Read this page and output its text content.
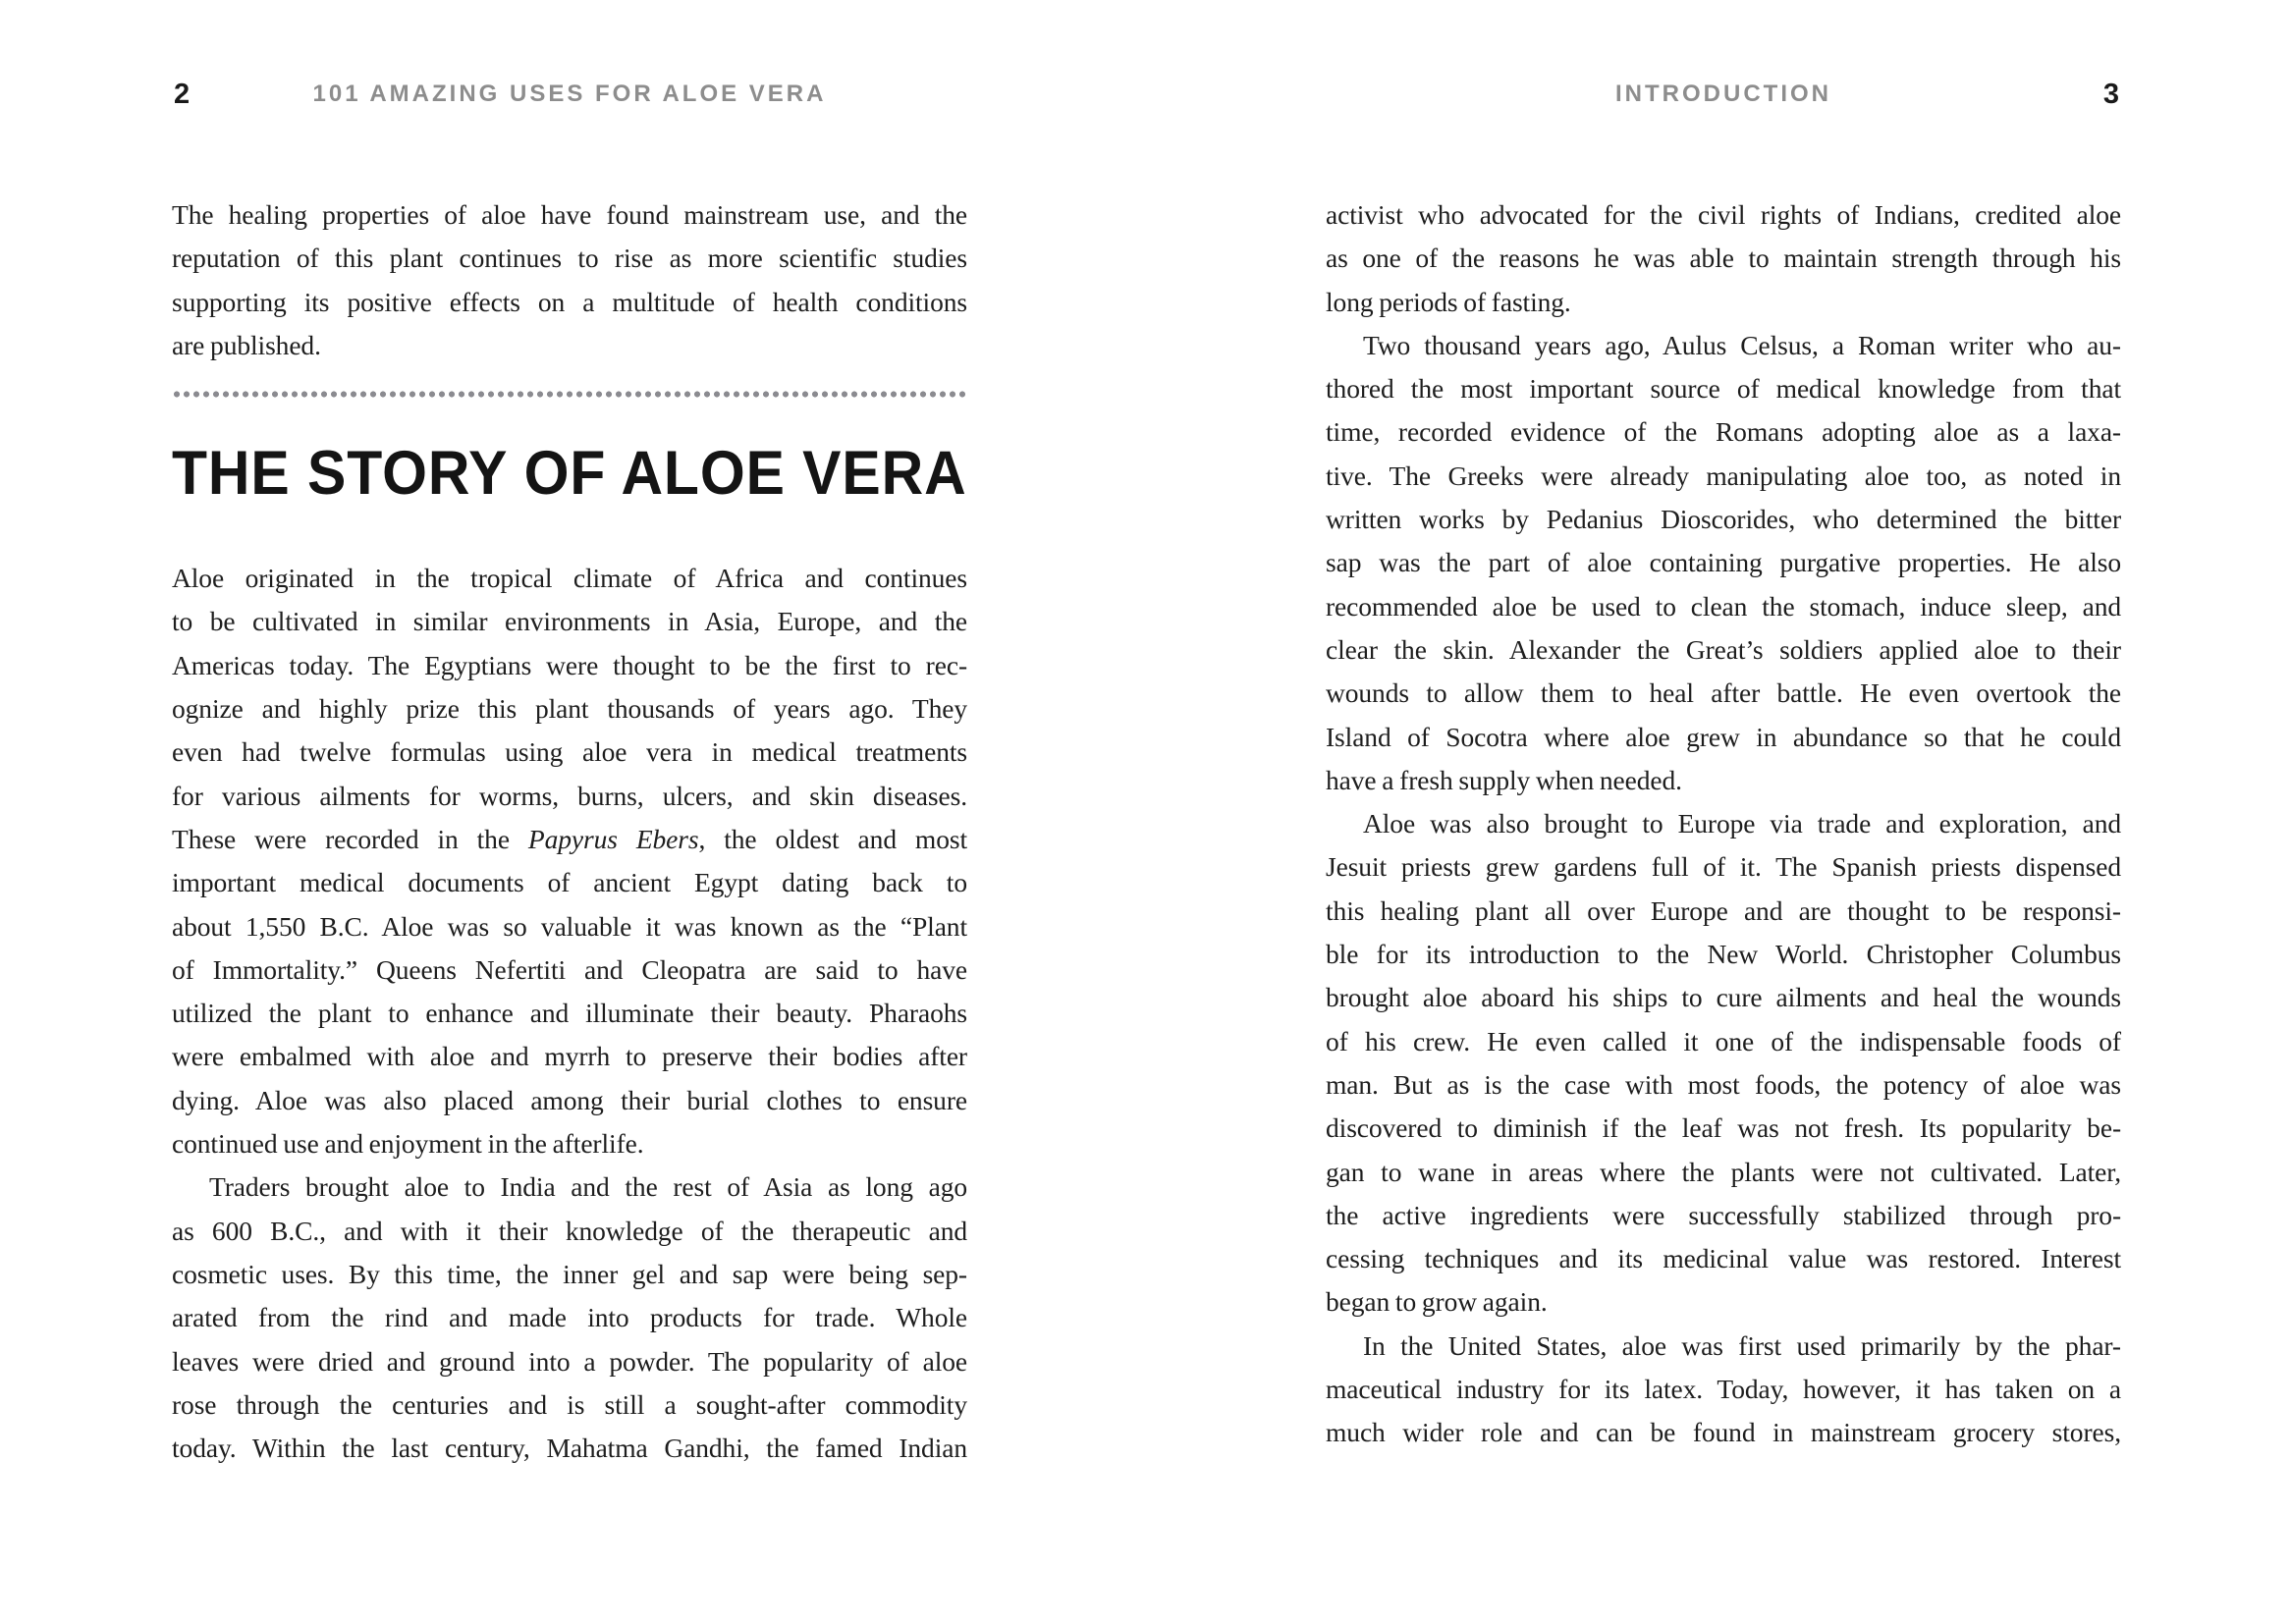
2	101 AMAZING USES FOR ALOE VERA
The healing properties of aloe have found mainstream use, and the
reputation of this plant continues to rise as more scientific studies
supporting its positive effects on a multitude of health conditions
are published.
THE STORY OF ALOE VERA
Aloe originated in the tropical climate of Africa and continues
to be cultivated in similar environments in Asia, Europe, and the
Americas today. The Egyptians were thought to be the first to rec-
ognize and highly prize this plant thousands of years ago. They
even had twelve formulas using aloe vera in medical treatments
for various ailments for worms, burns, ulcers, and skin diseases.
These were recorded in the Papyrus Ebers, the oldest and most
important medical documents of ancient Egypt dating back to
about 1,550 B.C. Aloe was so valuable it was known as the “Plant
of Immortality.” Queens Nefertiti and Cleopatra are said to have
utilized the plant to enhance and illuminate their beauty. Pharaohs
were embalmed with aloe and myrrh to preserve their bodies after
dying. Aloe was also placed among their burial clothes to ensure
continued use and enjoyment in the afterlife.
Traders brought aloe to India and the rest of Asia as long ago
as 600 B.C., and with it their knowledge of the therapeutic and
cosmetic uses. By this time, the inner gel and sap were being sep-
arated from the rind and made into products for trade. Whole
leaves were dried and ground into a powder. The popularity of aloe
rose through the centuries and is still a sought-after commodity
today. Within the last century, Mahatma Gandhi, the famed Indian
INTRODUCTION	3
activist who advocated for the civil rights of Indians, credited aloe
as one of the reasons he was able to maintain strength through his
long periods of fasting.
Two thousand years ago, Aulus Celsus, a Roman writer who au-
thored the most important source of medical knowledge from that
time, recorded evidence of the Romans adopting aloe as a laxa-
tive. The Greeks were already manipulating aloe too, as noted in
written works by Pedanius Dioscorides, who determined the bitter
sap was the part of aloe containing purgative properties. He also
recommended aloe be used to clean the stomach, induce sleep, and
clear the skin. Alexander the Great’s soldiers applied aloe to their
wounds to allow them to heal after battle. He even overtook the
Island of Socotra where aloe grew in abundance so that he could
have a fresh supply when needed.
Aloe was also brought to Europe via trade and exploration, and
Jesuit priests grew gardens full of it. The Spanish priests dispensed
this healing plant all over Europe and are thought to be responsi-
ble for its introduction to the New World. Christopher Columbus
brought aloe aboard his ships to cure ailments and heal the wounds
of his crew. He even called it one of the indispensable foods of
man. But as is the case with most foods, the potency of aloe was
discovered to diminish if the leaf was not fresh. Its popularity be-
gan to wane in areas where the plants were not cultivated. Later,
the active ingredients were successfully stabilized through pro-
cessing techniques and its medicinal value was restored. Interest
began to grow again.
In the United States, aloe was first used primarily by the phar-
maceutical industry for its latex. Today, however, it has taken on a
much wider role and can be found in mainstream grocery stores,
